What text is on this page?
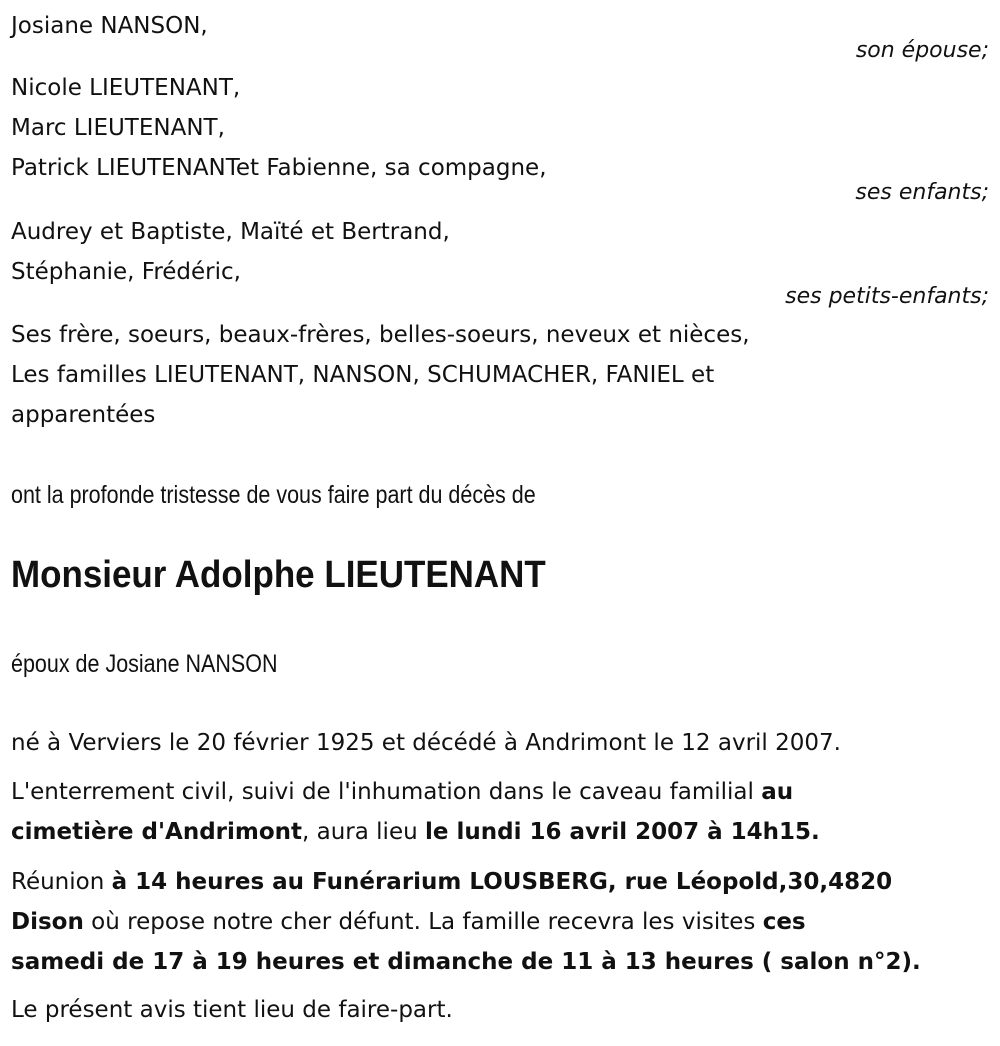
Josiane NANSON,
son épouse;
Nicole LIEUTENANT,
Marc LIEUTENANT,
Patrick LIEUTENANTet Fabienne, sa compagne,
ses enfants;
Audrey et Baptiste, Maïté et Bertrand,
Stéphanie, Frédéric,
ses petits-enfants;
Ses frère, soeurs, beaux-frères, belles-soeurs, neveux et nièces,
Les familles LIEUTENANT, NANSON, SCHUMACHER, FANIEL et
apparentées
ont la profonde tristesse de vous faire part du décès de
Monsieur Adolphe LIEUTENANT
époux de Josiane NANSON
né à Verviers le 20 février 1925 et décédé à Andrimont le 12 avril 2007.
L'enterrement civil, suivi de l'inhumation dans le caveau familial au
cimetière d'Andrimont, aura lieu le lundi 16 avril 2007 à 14h15.
Réunion à 14 heures au Funérarium LOUSBERG, rue Léopold,30,4820
Dison où repose notre cher défunt. La famille recevra les visites ces
samedi de 17 à 19 heures et dimanche de 11 à 13 heures ( salon n°2).
Le présent avis tient lieu de faire-part.
